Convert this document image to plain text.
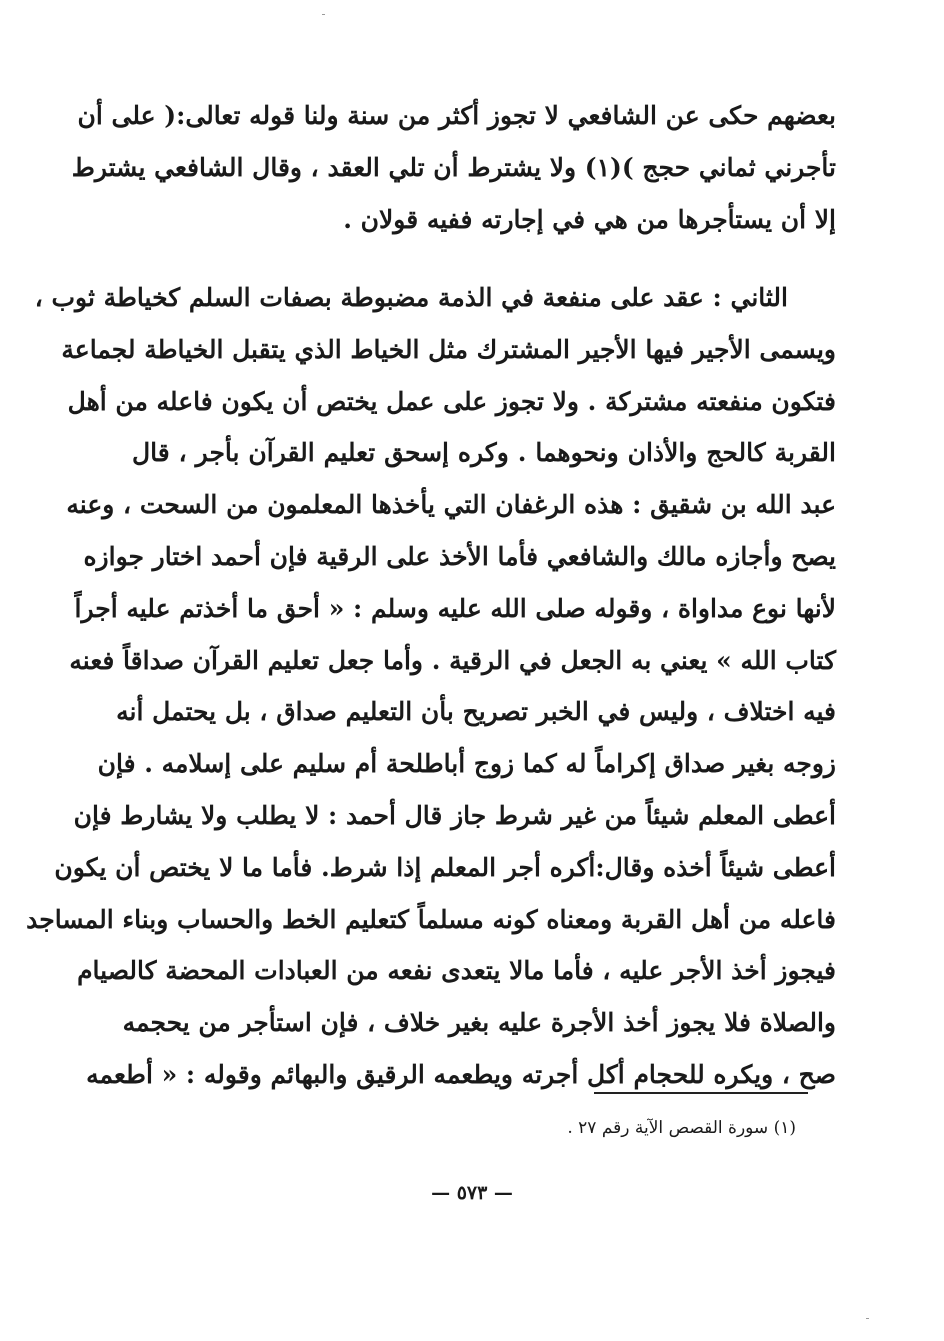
بعضهم حكى عن الشافعي لا تجوز أكثر من سنة ولنا قوله تعالى:( على أن
تأجرني ثماني حجج )(١) ولا يشترط أن تلي العقد ، وقال الشافعي يشترط
إلا أن يستأجرها من هي في إجارته ففيه قولان .
الثاني : عقد على منفعة في الذمة مضبوطة بصفات السلم كخياطة ثوب ،
ويسمى الأجير فيها الأجير المشترك مثل الخياط الذي يتقبل الخياطة لجماعة
فتكون منفعته مشتركة . ولا تجوز على عمل يختص أن يكون فاعله من أهل
القربة كالحج والأذان ونحوهما . وكره إسحق تعليم القرآن بأجر ، قال
عبد الله بن شقيق : هذه الرغفان التي يأخذها المعلمون من السحت ، وعنه
يصح وأجازه مالك والشافعي فأما الأخذ على الرقية فإن أحمد اختار جوازه
لأنها نوع مداواة ، وقوله صلى الله عليه وسلم : « أحق ما أخذتم عليه أجراً
كتاب الله » يعني به الجعل في الرقية . وأما جعل تعليم القرآن صداقاً فعنه
فيه اختلاف ، وليس في الخبر تصريح بأن التعليم صداق ، بل يحتمل أنه
زوجه بغير صداق إكراماً له كما زوج أباطلحة أم سليم على إسلامه . فإن
أعطى المعلم شيئاً من غير شرط جاز قال أحمد : لا يطلب ولا يشارط فإن
أعطى شيئاً أخذه وقال:أكره أجر المعلم إذا شرط. فأما ما لا يختص أن يكون
فاعله من أهل القربة ومعناه كونه مسلماً كتعليم الخط والحساب وبناء المساجد
فيجوز أخذ الأجر عليه ، فأما مالا يتعدى نفعه من العبادات المحضة كالصيام
والصلاة فلا يجوز أخذ الأجرة عليه بغير خلاف ، فإن استأجر من يحجمه
صح ، ويكره للحجام أكل أجرته ويطعمه الرقيق والبهائم وقوله : « أطعمه
(١) سورة القصص الآية رقم ٢٧ .
— ٥٧٣ —
